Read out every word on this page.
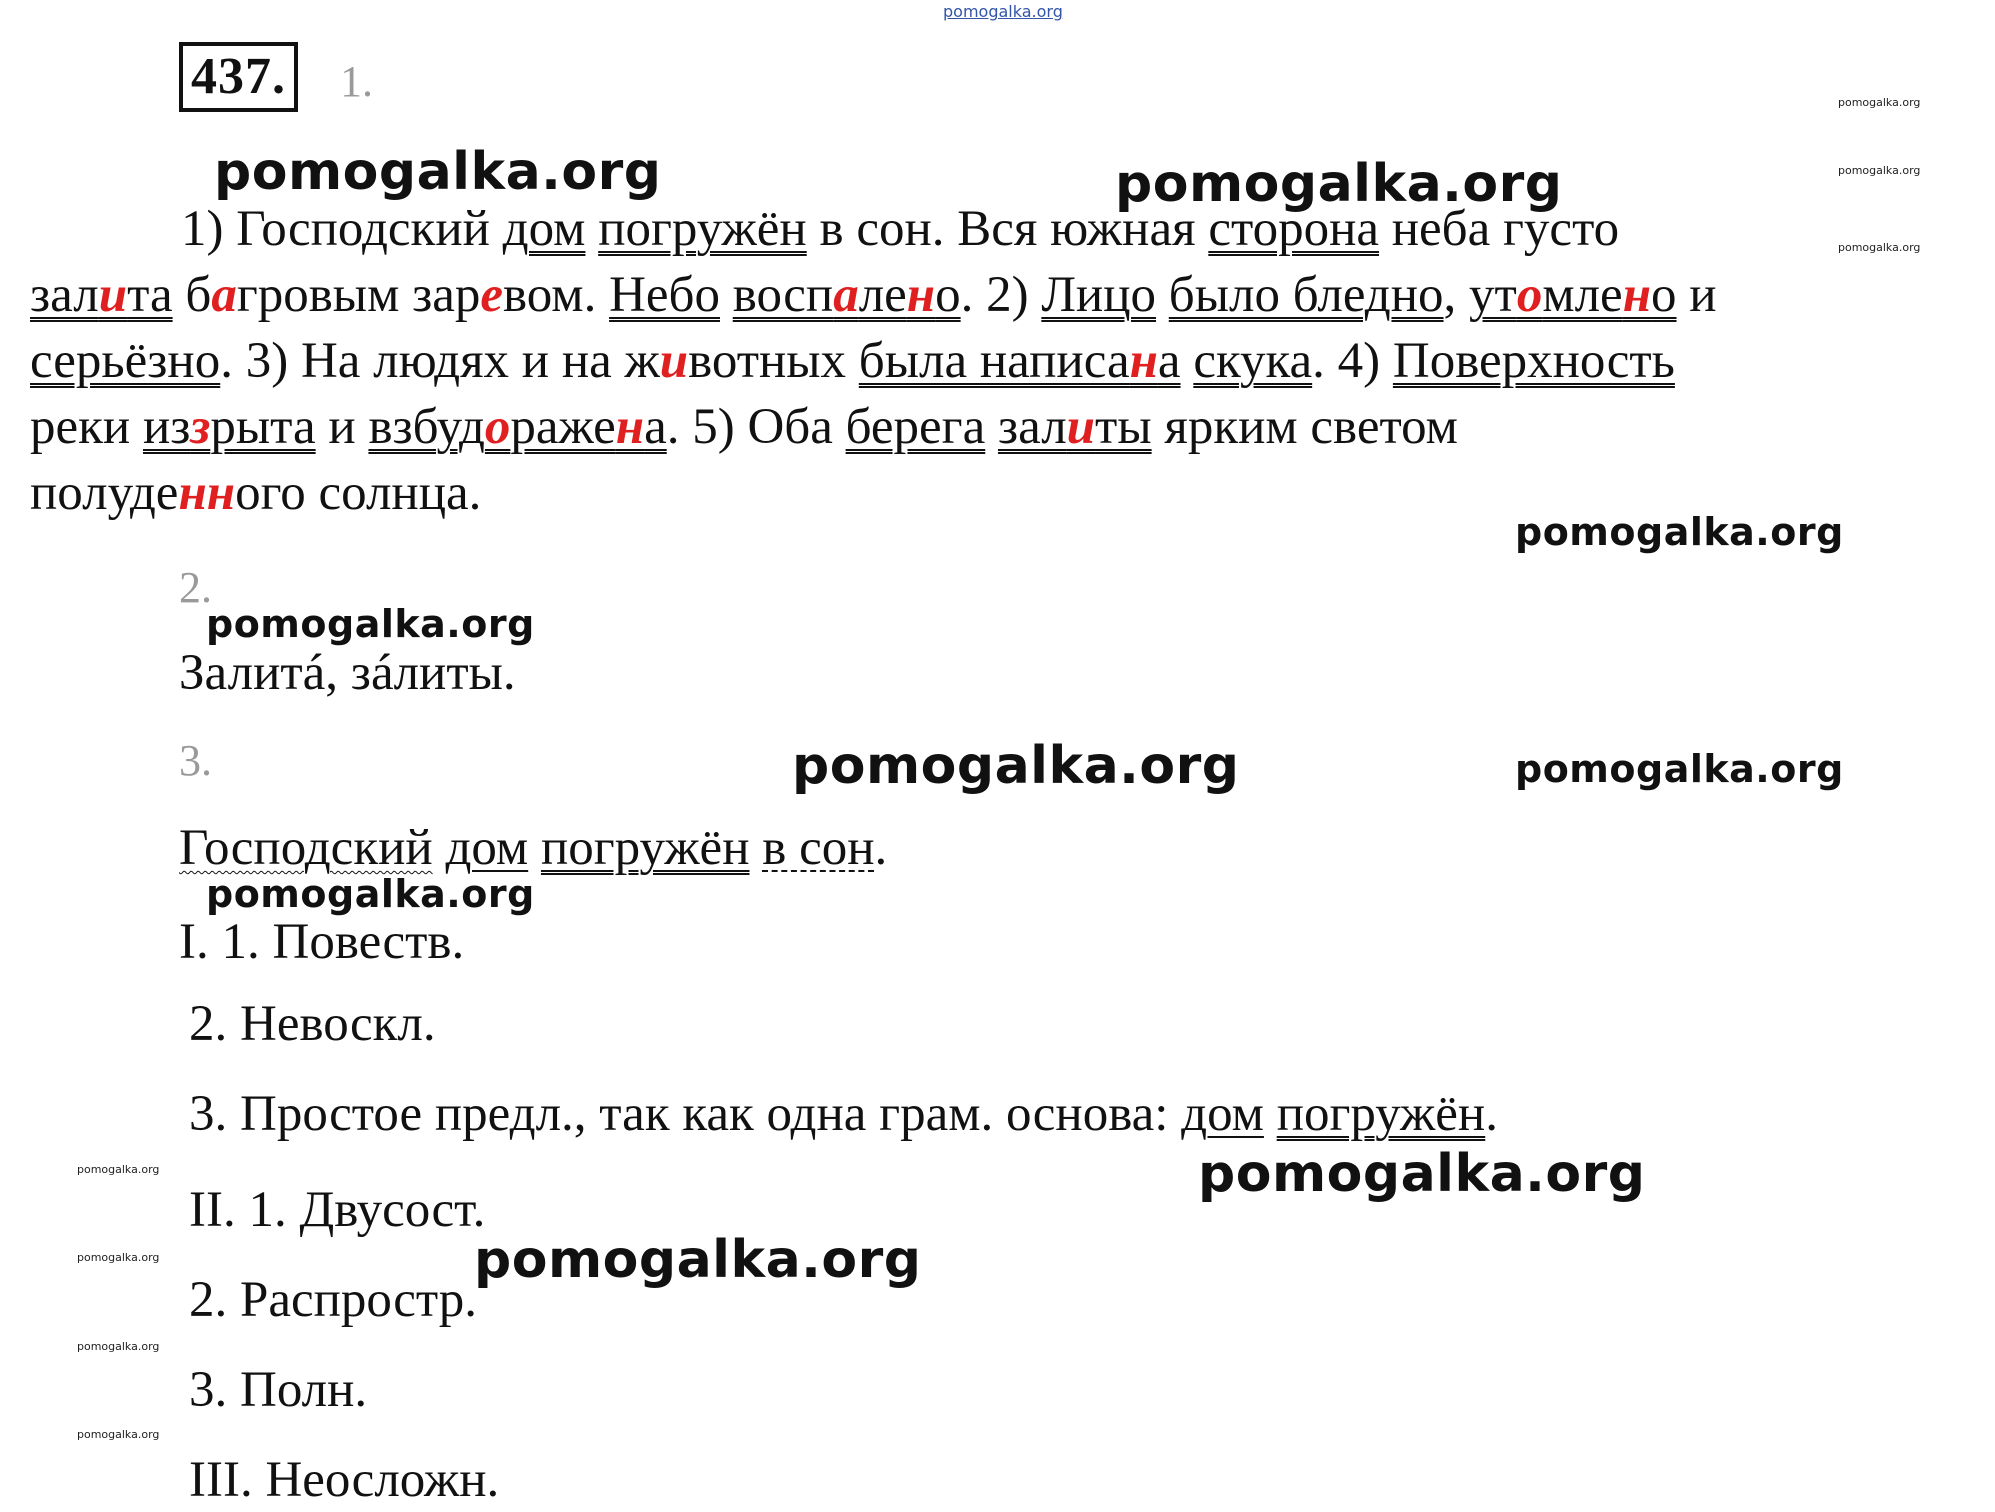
pomogalka.org
pomogalka.org
pomogalka.org
pomogalka.org
pomogalka.org	pomogalka.org
pomogalka.org
pomogalka.org
pomogalka.org	pomogalka.org
pomogalka.org
pomogalka.org
pomogalka.org
pomogalka.org
pomogalka.org
pomogalka.org
pomogalka.org
437. 1.
1) Господский дом погружён в сон. Вся южная сторона неба густо
залита багровым заревом. Небо воспалено. 2) Лицо было бледно, утомлено и
серьёзно. 3) На людях и на животных была написана скука. 4) Поверхность
реки иззрыта и взбудоражена. 5) Оба берега залиты ярким светом
полуденного солнца.
2.
Залитá, зáлиты.
3.
Господский дом погружён в сон.
I. 1. Повеств.
2. Невоскл.
3. Простое предл., так как одна грам. основа: дом погружён.
II. 1. Двусост.
2. Распростр.
3. Полн.
III. Неосложн.
